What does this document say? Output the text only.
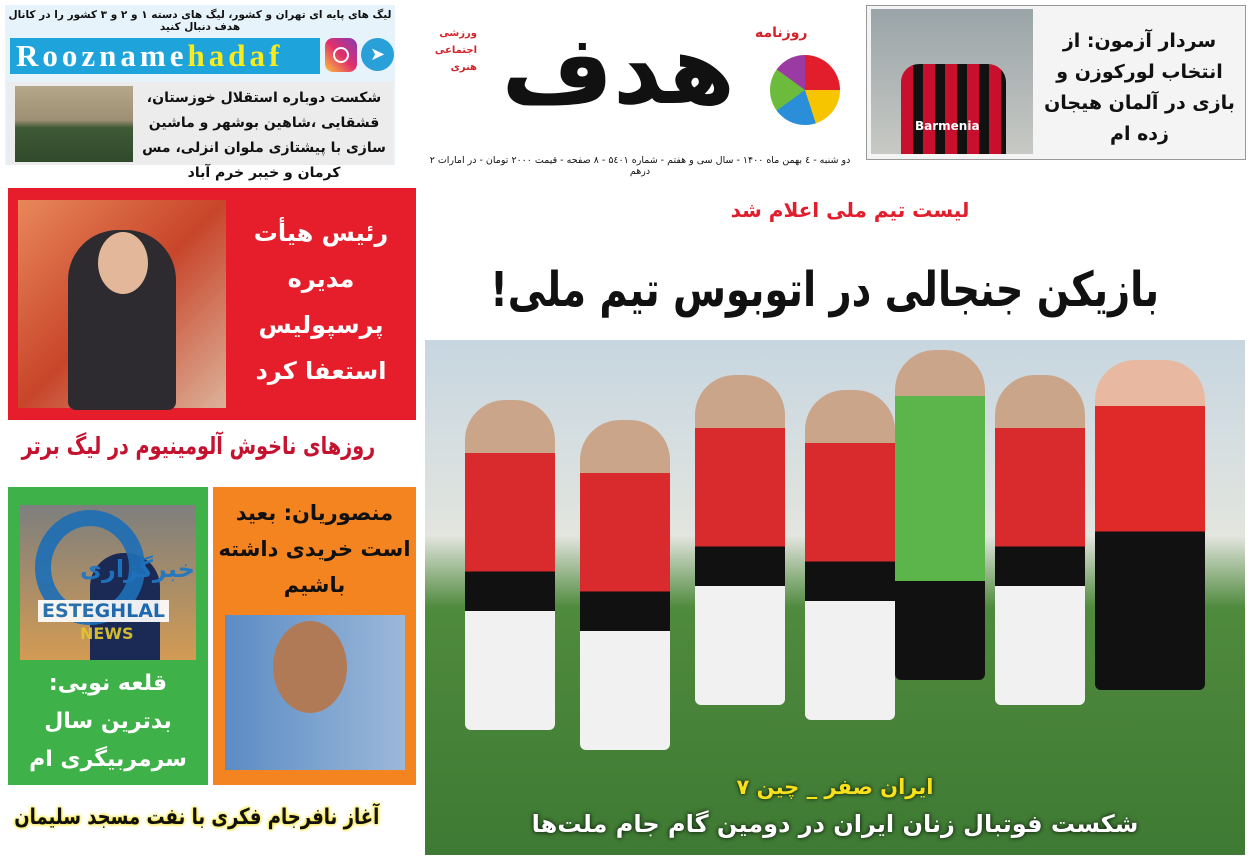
لیگ های پایه ای تهران و کشور، لیگ های دسته ۱ و ۲ و ۳ کشور را در کانال هدف دنبال کنید
Rooznamehadaf	➤
شکست دوباره استقلال خوزستان، قشقایی ،شاهین بوشهر و ماشین سازی با پیشتازی ملوان انزلی، مس کرمان و خیبر خرم آباد
هدف روزنامه
ورزشی اجتماعی هنری
دو شنبه - ٤ بهمن ماه ۱۴۰۰ - سال سی و هفتم - شماره ۵٤۰۱ - ۸ صفحه - قیمت ۲۰۰۰ تومان - در امارات ۲ درهم
Barmenia
سردار آزمون: از انتخاب لورکوزن و بازی در آلمان هیجان زده ام
رئیس هیأت مدیره پرسپولیس استعفا کرد
روزهای ناخوش آلومینیوم در لیگ برتر
قلعه نویی: بدترین سال سرمربیگری ام بود
منصوریان: بعید است خریدی داشته باشیم
آغاز نافرجام فکری با نفت مسجد سلیمان
خبرگزاری
ESTEGHLAL
NEWS
لیست تیم ملی اعلام شد
بازیکن جنجالی در اتوبوس تیم ملی!
ایران صفر _ چین ۷
شکست فوتبال زنان ایران در دومین گام جام ملت‌ها
